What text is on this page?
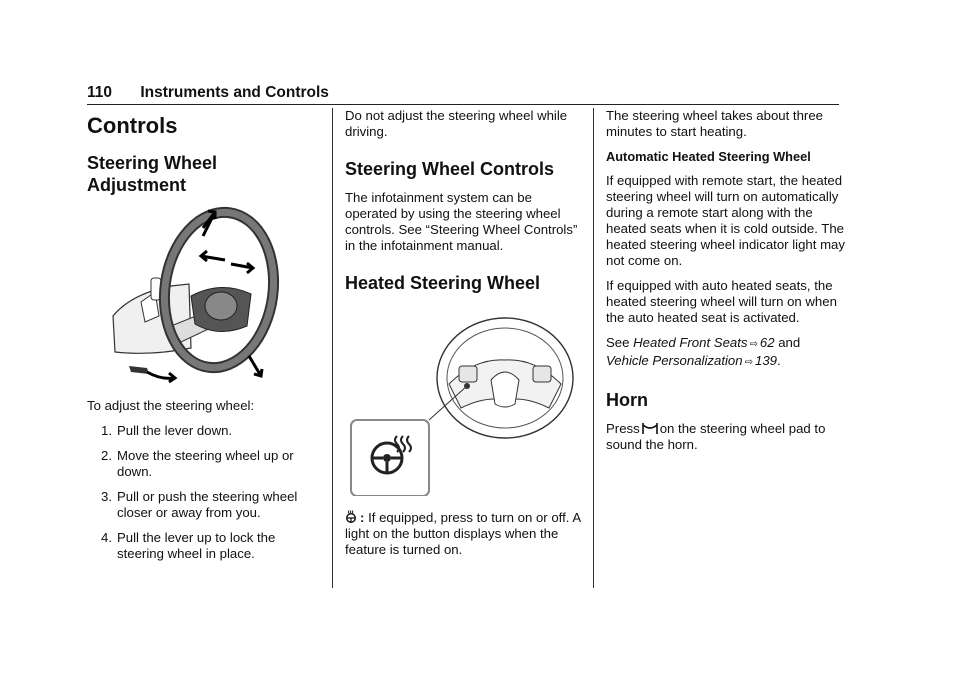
110 Instruments and Controls
Controls
Steering Wheel Adjustment

To adjust the steering wheel:

1. Pull the lever down.
2. Move the steering wheel up or down.
3. Pull or push the steering wheel closer or away from you.
4. Pull the lever up to lock the steering wheel in place.

Do not adjust the steering wheel while driving.

Steering Wheel Controls

The infotainment system can be operated by using the steering wheel controls. See “Steering Wheel Controls” in the infotainment manual.

Heated Steering Wheel

: If equipped, press to turn on or off. A light on the button displays when the feature is turned on.

The steering wheel takes about three minutes to start heating.

Automatic Heated Steering Wheel

If equipped with remote start, the heated steering wheel will turn on automatically during a remote start along with the heated seats when it is cold outside. The heated steering wheel indicator light may not come on.

If equipped with auto heated seats, the heated steering wheel will turn on when the auto heated seat is activated.

See Heated Front Seats ⇨ 62 and Vehicle Personalization ⇨ 139.

Horn

Press on the steering wheel pad to sound the horn.
